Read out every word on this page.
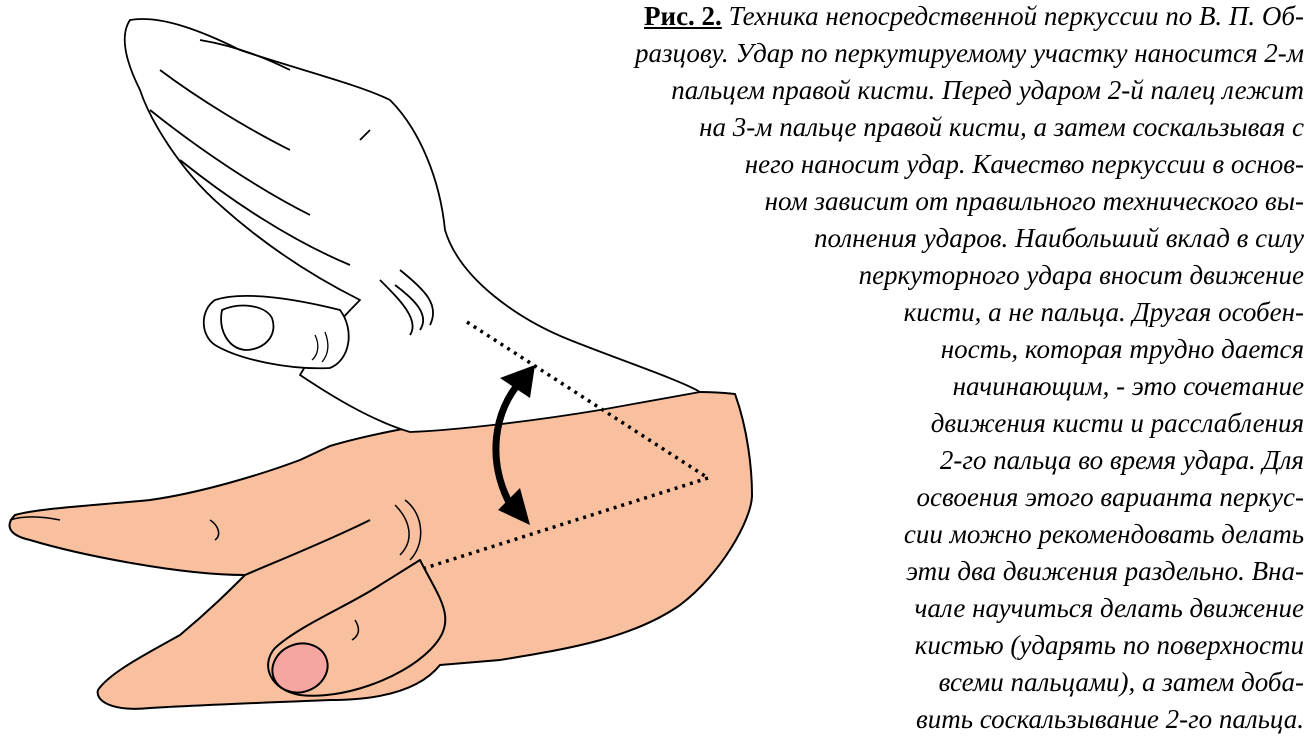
Рис. 2. Техника непосредственной перкуссии по В. П. Об-
разцову. Удар по перкутируемому участку наносится 2-м
пальцем правой кисти. Перед ударом 2-й палец лежит
на 3-м пальце правой кисти, а затем соскальзывая с
него наносит удар. Качество перкуссии в основ-
ном зависит от правильного технического вы-
полнения ударов. Наибольший вклад в силу
перкуторного удара вносит движение
кисти, а не пальца. Другая особен-
ность, которая трудно дается
начинающим, - это сочетание
движения кисти и расслабления
2-го пальца во время удара. Для
освоения этого варианта перкус-
сии можно рекомендовать делать
эти два движения раздельно. Вна-
чале научиться делать движение
кистью (ударять по поверхности
всеми пальцами), а затем доба-
вить соскальзывание 2-го пальца.
